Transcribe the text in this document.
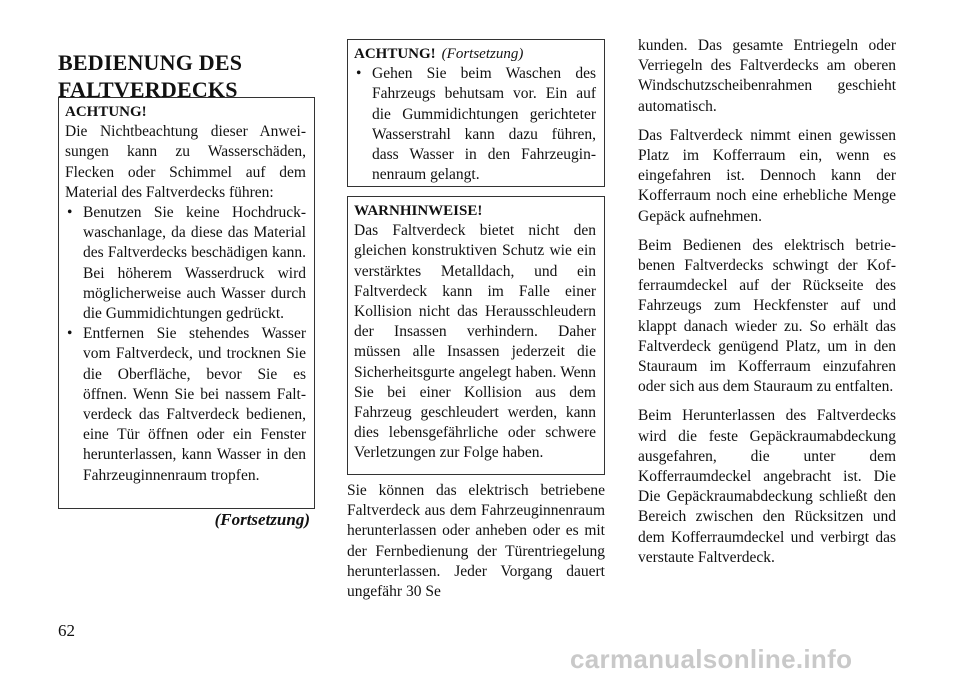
BEDIENUNG DES FALTVERDECKS
ACHTUNG!
Die Nichtbeachtung dieser Anweisungen kann zu Wasserschäden, Flecken oder Schimmel auf dem Material des Faltverdecks führen:
• Benutzen Sie keine Hochdruckwaschanlage, da diese das Material des Faltverdecks beschädigen kann. Bei höherem Wasserdruck wird möglicherweise auch Wasser durch die Gummidichtungen gedrückt.
• Entfernen Sie stehendes Wasser vom Faltverdeck, und trocknen Sie die Oberfläche, bevor Sie es öffnen. Wenn Sie bei nassem Faltverdeck das Faltverdeck bedienen, eine Tür öffnen oder ein Fenster herunterlassen, kann Wasser in den Fahrzeuginnenraum tropfen.
(Fortsetzung)
ACHTUNG! (Fortsetzung)
• Gehen Sie beim Waschen des Fahrzeugs behutsam vor. Ein auf die Gummidichtungen gerichteter Wasserstrahl kann dazu führen, dass Wasser in den Fahrzeuginnenraum gelangt.
WARNHINWEISE!
Das Faltverdeck bietet nicht den gleichen konstruktiven Schutz wie ein verstärktes Metalldach, und ein Faltverdeck kann im Falle einer Kollision nicht das Herausschleudern der Insassen verhindern. Daher müssen alle Insassen jederzeit die Sicherheitsgurte angelegt haben. Wenn Sie bei einer Kollision aus dem Fahrzeug geschleudert werden, kann dies lebensgefährliche oder schwere Verletzungen zur Folge haben.
Sie können das elektrisch betriebene Faltverdeck aus dem Fahrzeuginnenraum herunterlassen oder anheben oder es mit der Fernbedienung der Türentriegelung herunterlassen. Jeder Vorgang dauert ungefähr 30 Se

kunden. Das gesamte Entriegeln oder Verriegeln des Faltverdecks am oberen Windschutzscheibenrahmen geschieht automatisch.

Das Faltverdeck nimmt einen gewissen Platz im Kofferraum ein, wenn es eingefahren ist. Dennoch kann der Kofferraum noch eine erhebliche Menge Gepäck aufnehmen.

Beim Bedienen des elektrisch betriebenen Faltverdecks schwingt der Kofferraumdeckel auf der Rückseite des Fahrzeugs zum Heckfenster auf und klappt danach wieder zu. So erhält das Faltverdeck genügend Platz, um in den Stauraum im Kofferraum einzufahren oder sich aus dem Stauraum zu entfalten.

Beim Herunterlassen des Faltverdecks wird die feste Gepäckraumabdeckung ausgefahren, die unter dem Kofferraumdeckel angebracht ist. Die Die Gepäckraumabdeckung schließt den Bereich zwischen den Rücksitzen und dem Kofferraumdeckel und verbirgt das verstaute Faltverdeck.

62
carmanualsonline.info
